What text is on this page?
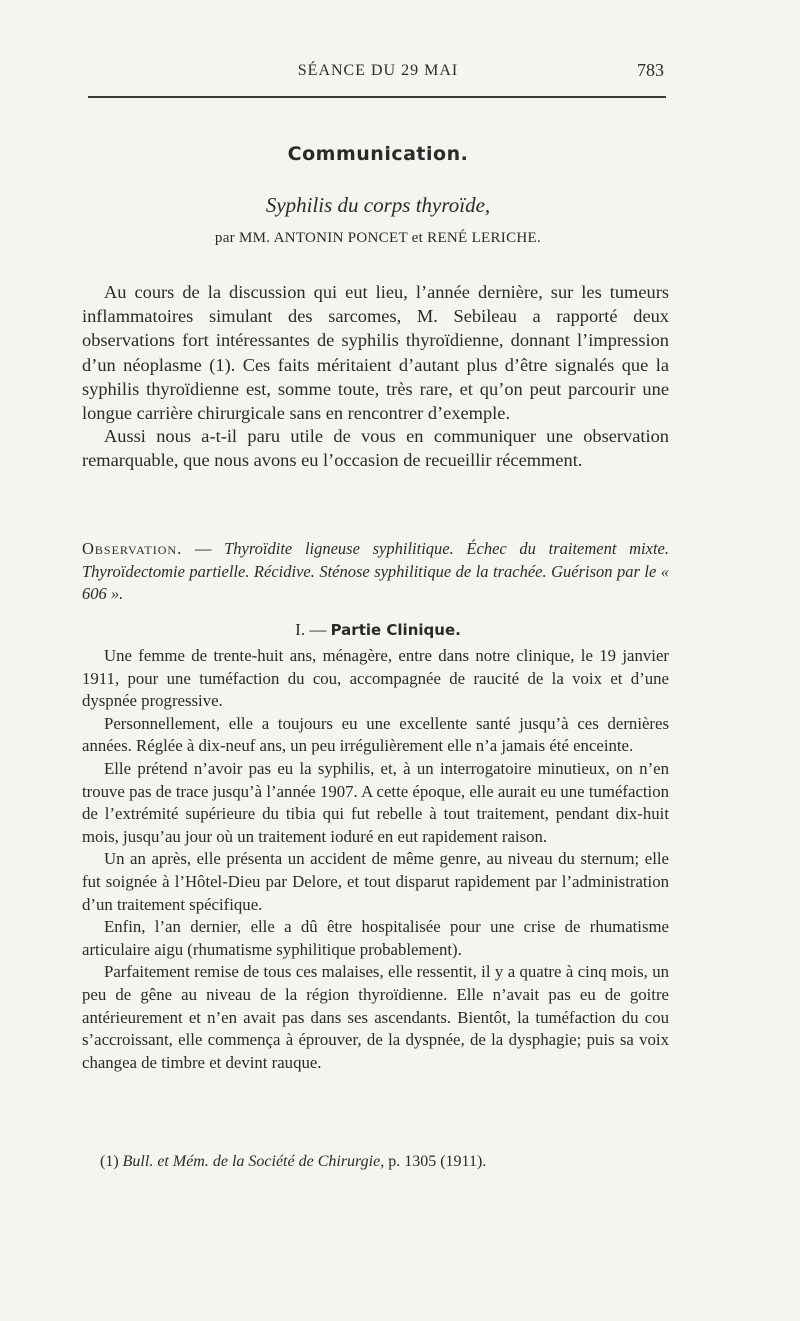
SÉANCE DU 29 MAI	783
Communication.
Syphilis du corps thyroïde,
par MM. ANTONIN PONCET et RENÉ LERICHE.

Au cours de la discussion qui eut lieu, l’année dernière, sur les tumeurs inflammatoires simulant des sarcomes, M. Sebileau a rapporté deux observations fort intéressantes de syphilis thyroïdienne, donnant l’impression d’un néoplasme (1). Ces faits méritaient d’autant plus d’être signalés que la syphilis thyroïdienne est, somme toute, très rare, et qu’on peut parcourir une longue carrière chirurgicale sans en rencontrer d’exemple.

Aussi nous a-t-il paru utile de vous en communiquer une observation remarquable, que nous avons eu l’occasion de recueillir récemment.

Observation. — Thyroïdite ligneuse syphilitique. Échec du traitement mixte. Thyroïdectomie partielle. Récidive. Sténose syphilitique de la trachée. Guérison par le « 606 ».
I. — Partie Clinique.

Une femme de trente-huit ans, ménagère, entre dans notre clinique, le 19 janvier 1911, pour une tuméfaction du cou, accompagnée de raucité de la voix et d’une dyspnée progressive.

Personnellement, elle a toujours eu une excellente santé jusqu’à ces dernières années. Réglée à dix-neuf ans, un peu irrégulièrement elle n’a jamais été enceinte.

Elle prétend n’avoir pas eu la syphilis, et, à un interrogatoire minutieux, on n’en trouve pas de trace jusqu’à l’année 1907. A cette époque, elle aurait eu une tuméfaction de l’extrémité supérieure du tibia qui fut rebelle à tout traitement, pendant dix-huit mois, jusqu’au jour où un traitement ioduré en eut rapidement raison.

Un an après, elle présenta un accident de même genre, au niveau du sternum; elle fut soignée à l’Hôtel-Dieu par Delore, et tout disparut rapidement par l’administration d’un traitement spécifique.

Enfin, l’an dernier, elle a dû être hospitalisée pour une crise de rhumatisme articulaire aigu (rhumatisme syphilitique probablement).

Parfaitement remise de tous ces malaises, elle ressentit, il y a quatre à cinq mois, un peu de gêne au niveau de la région thyroïdienne. Elle n’avait pas eu de goitre antérieurement et n’en avait pas dans ses ascendants. Bientôt, la tuméfaction du cou s’accroissant, elle commença à éprouver, de la dyspnée, de la dysphagie; puis sa voix changea de timbre et devint rauque.

(1) Bull. et Mém. de la Société de Chirurgie, p. 1305 (1911).
